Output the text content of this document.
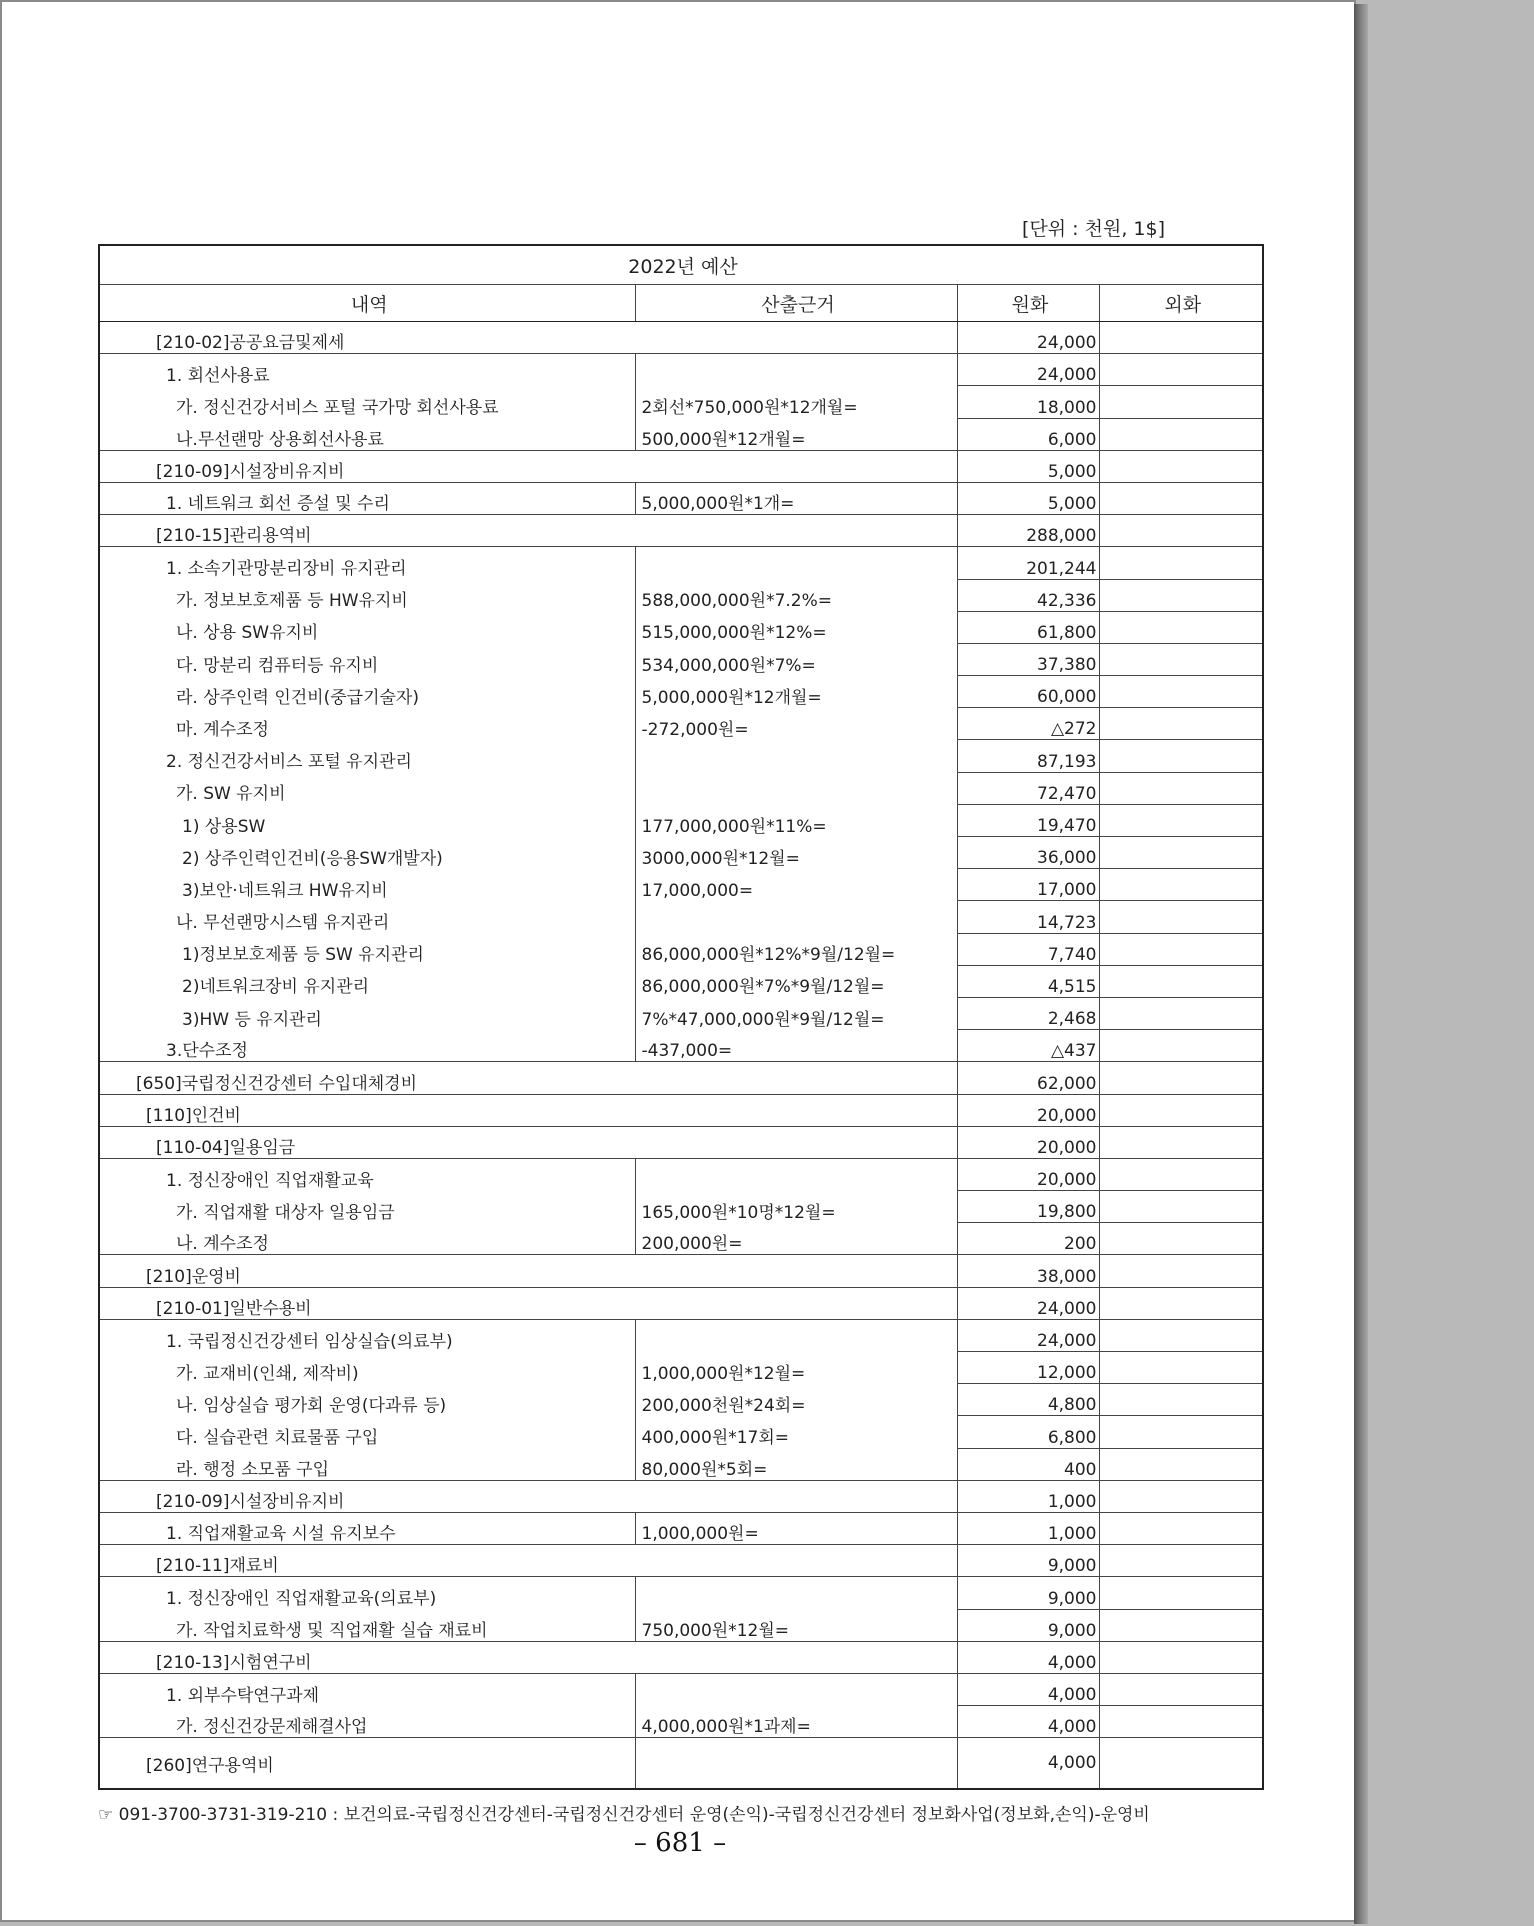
[단위 : 천원, 1$]
2022년 예산			
내역	산출근거	원화	외화
[210-02]공공요금및제세		24,000	
1. 회선사용료		24,000	
가. 정신건강서비스 포털 국가망 회선사용료	2회선*750,000원*12개월=	18,000	
나.무선랜망 상용회선사용료	500,000원*12개월=	6,000	
[210-09]시설장비유지비		5,000	
1. 네트워크 회선 증설 및 수리	5,000,000원*1개=	5,000	
[210-15]관리용역비		288,000	
1. 소속기관망분리장비 유지관리		201,244	
가. 정보보호제품 등 HW유지비	588,000,000원*7.2%=	42,336	
나. 상용 SW유지비	515,000,000원*12%=	61,800	
다. 망분리 컴퓨터등 유지비	534,000,000원*7%=	37,380	
라. 상주인력 인건비(중급기술자)	5,000,000원*12개월=	60,000	
마. 계수조정	-272,000원=	△272	
2. 정신건강서비스 포털 유지관리		87,193	
가. SW 유지비		72,470	
1) 상용SW	177,000,000원*11%=	19,470	
2) 상주인력인건비(응용SW개발자)	3000,000원*12월=	36,000	
3)보안·네트워크 HW유지비	17,000,000=	17,000	
나. 무선랜망시스템 유지관리		14,723	
1)정보보호제품 등 SW 유지관리	86,000,000원*12%*9월/12월=	7,740	
2)네트워크장비 유지관리	86,000,000원*7%*9월/12월=	4,515	
3)HW 등 유지관리	7%*47,000,000원*9월/12월=	2,468	
3.단수조정	-437,000=	△437	
[650]국립정신건강센터 수입대체경비		62,000	
[110]인건비		20,000	
[110-04]일용임금		20,000	
1. 정신장애인 직업재활교육		20,000	
가. 직업재활 대상자 일용임금	165,000원*10명*12월=	19,800	
나. 계수조정	200,000원=	200	
[210]운영비		38,000	
[210-01]일반수용비		24,000	
1. 국립정신건강센터 임상실습(의료부)		24,000	
가. 교재비(인쇄, 제작비)	1,000,000원*12월=	12,000	
나. 임상실습 평가회 운영(다과류 등)	200,000천원*24회=	4,800	
다. 실습관련 치료물품 구입	400,000원*17회=	6,800	
라. 행정 소모품 구입	80,000원*5회=	400	
[210-09]시설장비유지비		1,000	
1. 직업재활교육 시설 유지보수	1,000,000원=	1,000	
[210-11]재료비		9,000	
1. 정신장애인 직업재활교육(의료부)		9,000	
가. 작업치료학생 및 직업재활 실습 재료비	750,000원*12월=	9,000	
[210-13]시험연구비		4,000	
1. 외부수탁연구과제		4,000	
가. 정신건강문제해결사업	4,000,000원*1과제=	4,000	
[260]연구용역비		4,000	
☞ 091-3700-3731-319-210 : 보건의료-국립정신건강센터-국립정신건강센터 운영(손익)-국립정신건강센터 정보화사업(정보화,손익)-운영비
– 681 –
